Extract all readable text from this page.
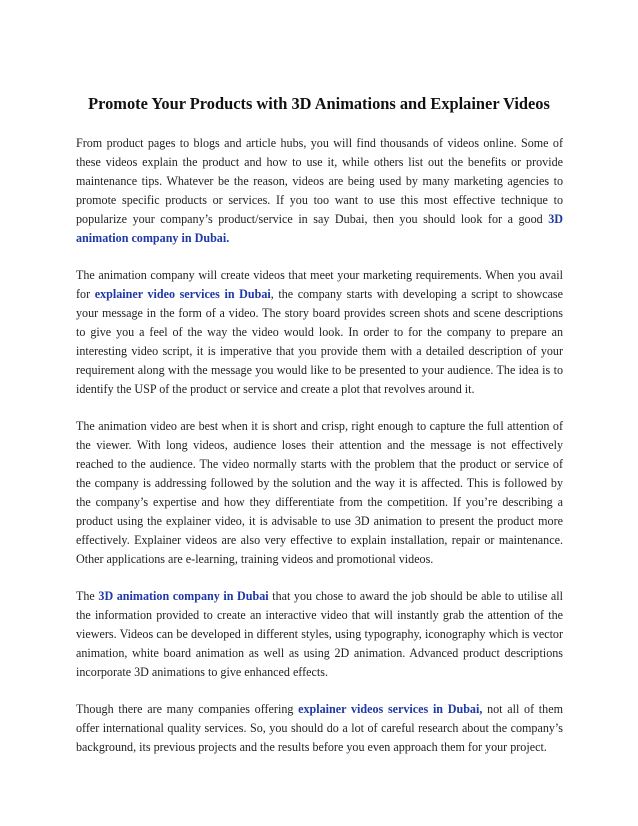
Promote Your Products with 3D Animations and Explainer Videos

From product pages to blogs and article hubs, you will find thousands of videos online. Some of these videos explain the product and how to use it, while others list out the benefits or provide maintenance tips. Whatever be the reason, videos are being used by many marketing agencies to promote specific products or services. If you too want to use this most effective technique to popularize your company’s product/service in say Dubai, then you should look for a good 3D animation company in Dubai.

The animation company will create videos that meet your marketing requirements. When you avail for explainer video services in Dubai, the company starts with developing a script to showcase your message in the form of a video. The story board provides screen shots and scene descriptions to give you a feel of the way the video would look. In order to for the company to prepare an interesting video script, it is imperative that you provide them with a detailed description of your requirement along with the message you would like to be presented to your audience. The idea is to identify the USP of the product or service and create a plot that revolves around it.

The animation video are best when it is short and crisp, right enough to capture the full attention of the viewer. With long videos, audience loses their attention and the message is not effectively reached to the audience. The video normally starts with the problem that the product or service of the company is addressing followed by the solution and the way it is affected. This is followed by the company’s expertise and how they differentiate from the competition. If you’re describing a product using the explainer video, it is advisable to use 3D animation to present the product more effectively. Explainer videos are also very effective to explain installation, repair or maintenance. Other applications are e-learning, training videos and promotional videos.

The 3D animation company in Dubai that you chose to award the job should be able to utilise all the information provided to create an interactive video that will instantly grab the attention of the viewers. Videos can be developed in different styles, using typography, iconography which is vector animation, white board animation as well as using 2D animation. Advanced product descriptions incorporate 3D animations to give enhanced effects.

Though there are many companies offering explainer videos services in Dubai, not all of them offer international quality services. So, you should do a lot of careful research about the company’s background, its previous projects and the results before you even approach them for your project.
